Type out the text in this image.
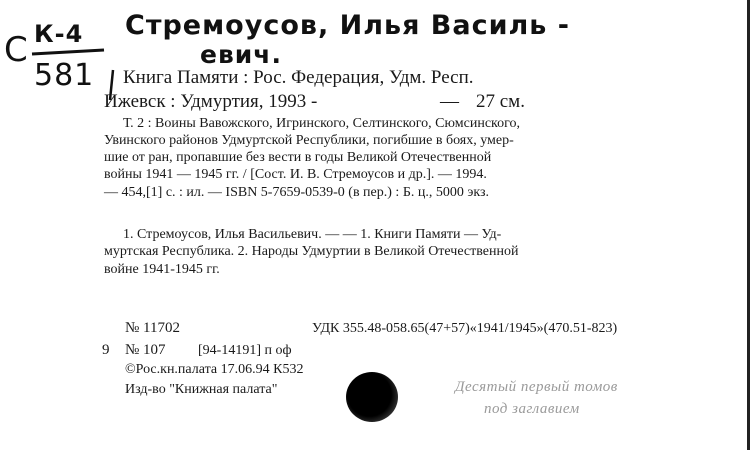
С К-4
581
Стремоусов, Илья Василь -
евич.
Книга Памяти : Рос. Федерация, Удм. Респ.
Ижевск : Удмуртия, 1993 -	27 см.
—
Т. 2 : Воины Вавожского, Игринского, Селтинского, Сюмсинского,
Увинского районов Удмуртской Республики, погибшие в боях, умер-
шие от ран, пропавшие без вести в годы Великой Отечественной
войны 1941 — 1945 гг. / [Сост. И. В. Стремоусов и др.]. — 1994.
— 454,[1] с. : ил. — ISBN 5-7659-0539-0 (в пер.) : Б. ц., 5000 экз.
1. Стремоусов, Илья Васильевич. — — 1. Книги Памяти — Уд-
муртская Республика. 2. Народы Удмуртии в Великой Отечественной
войне 1941-1945 гг.
№ 11702	УДК 355.48-058.65(47+57)«1941/1945»(470.51-823)
9 № 107 [94-14191] п оф
©Рос.кн.палата 17.06.94 К532
Изд-во "Книжная палата"	Десятый первый томов
под заглавием
